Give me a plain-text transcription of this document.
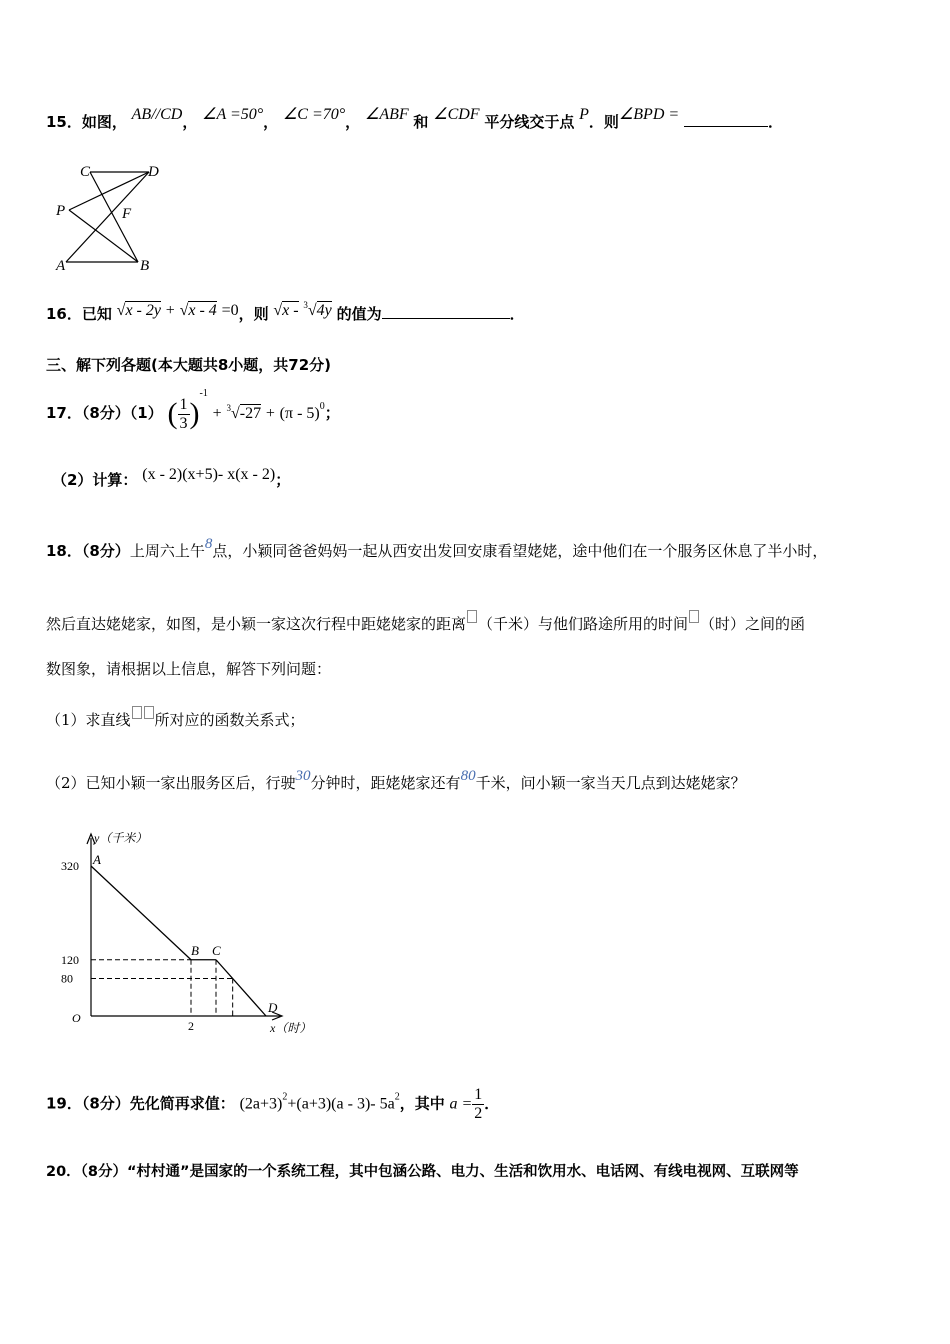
15．如图， AB//CD， ∠A =50°， ∠C =70°， ∠ABF 和 ∠CDF 平分线交于点 P．则∠BPD =	．
C	D
P	F
A	B
16．已知 √x - 2y + √x - 4 =0，则 √x - $^3$√4y 的值为	．
三、解下列各题(本大题共8小题，共72分)
17．（8分）（1） ( $\frac{1}{3} )^{-1} + ^3√-27 + (\pi - 5)^0$；
（2）计算： (x - 2)(x+5)- x(x - 2)；
18．（8分）上周六上午8点，小颖同爸爸妈妈一起从西安出发回安康看望姥姥，途中他们在一个服务区休息了半小时，
然后直达姥姥家，如图，是小颖一家这次行程中距姥姥家的距离 （千米）与他们路途所用的时间 （时）之间的函
数图象，请根据以上信息，解答下列问题：
（1）求直线 所对应的函数关系式；
（2）已知小颖一家出服务区后，行驶30分钟时，距姥姥家还有80千米，问小颖一家当天几点到达姥姥家？
320
120
80
2
A
B C
D
y（千米）
x（时）
O
19．（8分）先化简再求值： $(2a+3)^2+(a+3)(a - 3)-$ $5a^2$，其中 $a = \frac{1}{2}$ ．
20．（8分）“村村通”是国家的一个系统工程，其中包涵公路、电力、生活和饮用水、电话网、有线电视网、互联网等
